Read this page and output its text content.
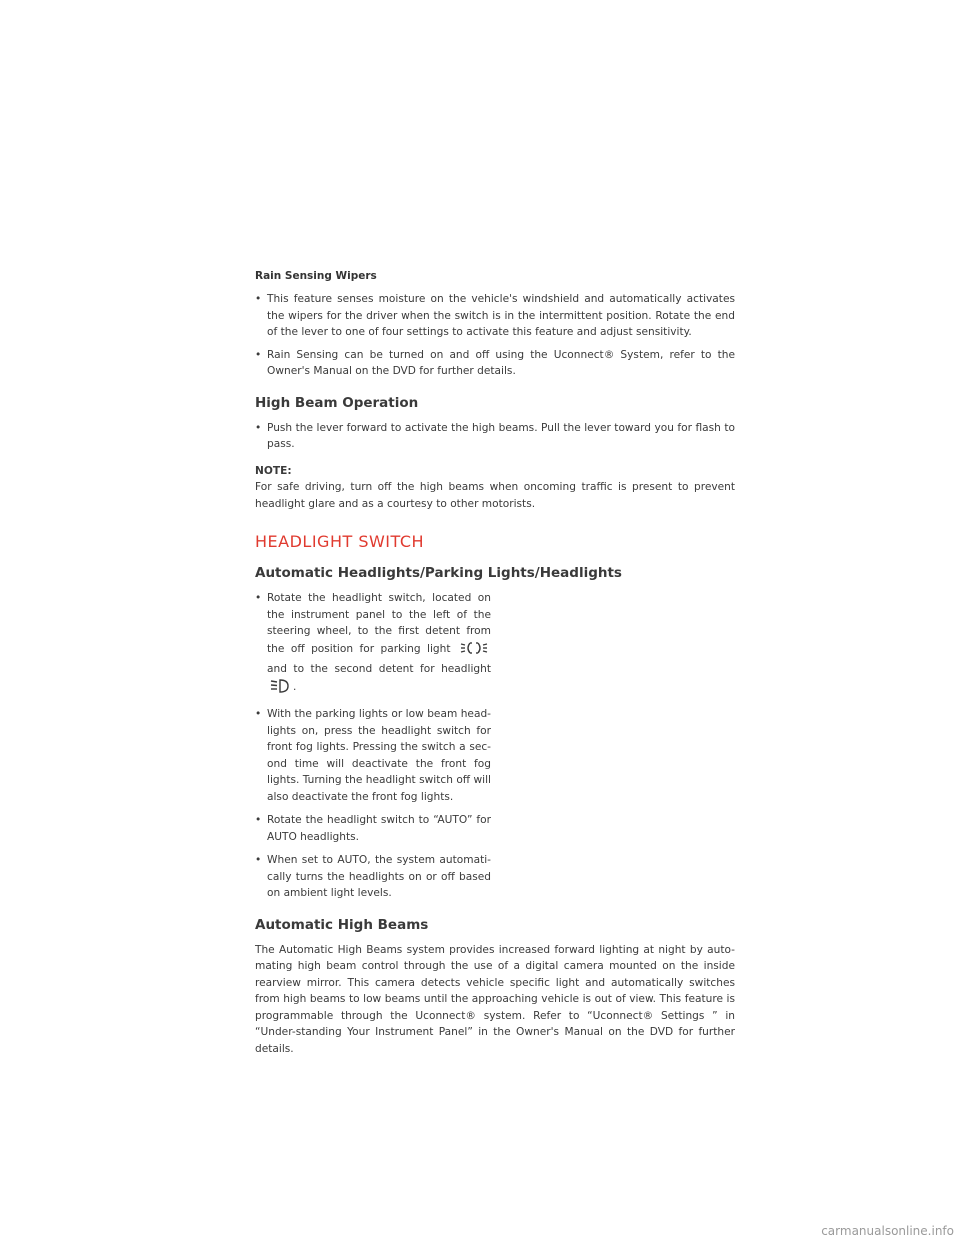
Rain Sensing Wipers
• This feature senses moisture on the vehicle's windshield and automatically activates the wipers for the driver when the switch is in the intermittent position. Rotate the end of the lever to one of four settings to activate this feature and adjust sensitivity.
• Rain Sensing can be turned on and off using the Uconnect® System, refer to the Owner's Manual on the DVD for further details.
High Beam Operation
• Push the lever forward to activate the high beams. Pull the lever toward you for flash to pass.
NOTE:

For safe driving, turn off the high beams when oncoming traffic is present to prevent headlight glare and as a courtesy to other motorists.

HEADLIGHT SWITCH
Automatic Headlights/Parking Lights/Headlights
• Rotate the headlight switch, located on the instrument panel to the left of the steering wheel, to the first detent from the off position for parking light  and to the second detent for headlight .
• With the parking lights or low beam head-lights on, press the headlight switch for front fog lights. Pressing the switch a sec-ond time will deactivate the front fog lights. Turning the headlight switch off will also deactivate the front fog lights.
• Rotate the headlight switch to “AUTO” for AUTO headlights.
• When set to AUTO, the system automati-cally turns the headlights on or off based on ambient light levels.
Automatic High Beams

The Automatic High Beams system provides increased forward lighting at night by auto-mating high beam control through the use of a digital camera mounted on the inside rearview mirror. This camera detects vehicle specific light and automatically switches from high beams to low beams until the approaching vehicle is out of view. This feature is programmable through the Uconnect® system. Refer to “Uconnect® Settings ” in “Under-standing Your Instrument Panel” in the Owner's Manual on the DVD for further details.

carmanualsonline.info
